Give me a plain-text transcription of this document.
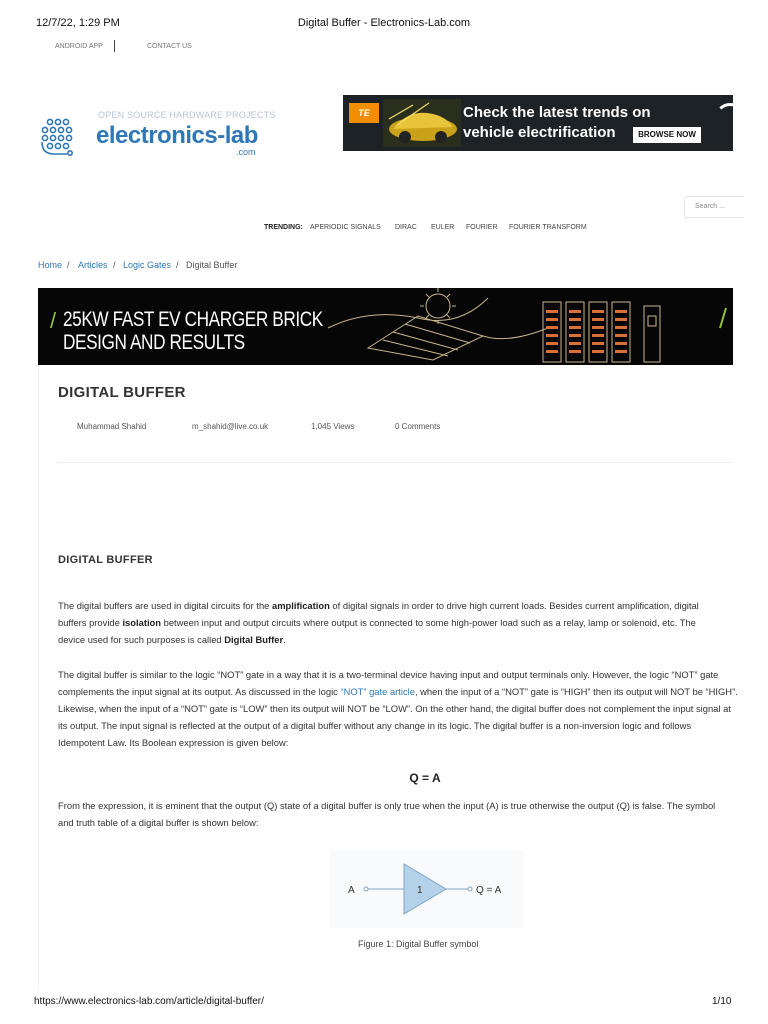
12/7/22, 1:29 PM	Digital Buffer - Electronics-Lab.com
ANDROID APP	CONTACT US
OPEN SOURCE HARDWARE PROJECTS
electronics-lab
.com
TE	Check the latest trends on
vehicle electrification	BROWSE NOW
Search ...
TRENDING: APERIODIC SIGNALS DIRAC EULER FOURIER FOURIER TRANSFORM
Home / Articles / Logic Gates / Digital Buffer
/ 25KW FAST EV CHARGER BRICK
DESIGN AND RESULTS
DIGITAL BUFFER
Muhammad Shahid	m_shahid@live.co.uk	1,045 Views	0 Comments
DIGITAL BUFFER
The digital buffers are used in digital circuits for the amplification of digital signals in order to drive high current loads. Besides current amplification, digital
buffers provide isolation between input and output circuits where output is connected to some high-power load such as a relay, lamp or solenoid, etc. The
device used for such purposes is called Digital Buffer.
The digital buffer is similar to the logic “NOT” gate in a way that it is a two-terminal device having input and output terminals only. However, the logic “NOT” gate
complements the input signal at its output. As discussed in the logic “NOT” gate article, when the input of a “NOT” gate is “HIGH” then its output will NOT be “HIGH”.
Likewise, when the input of a “NOT” gate is “LOW” then its output will NOT be “LOW”. On the other hand, the digital buffer does not complement the input signal at
its output. The input signal is reflected at the output of a digital buffer without any change in its logic. The digital buffer is a non-inversion logic and follows
Idempotent Law. Its Boolean expression is given below:
Q = A
From the expression, it is eminent that the output (Q) state of a digital buffer is only true when the input (A) is true otherwise the output (Q) is false. The symbol
and truth table of a digital buffer is shown below:
A	1	Q = A
Figure 1: Digital Buffer symbol
https://www.electronics-lab.com/article/digital-buffer/	1/10
